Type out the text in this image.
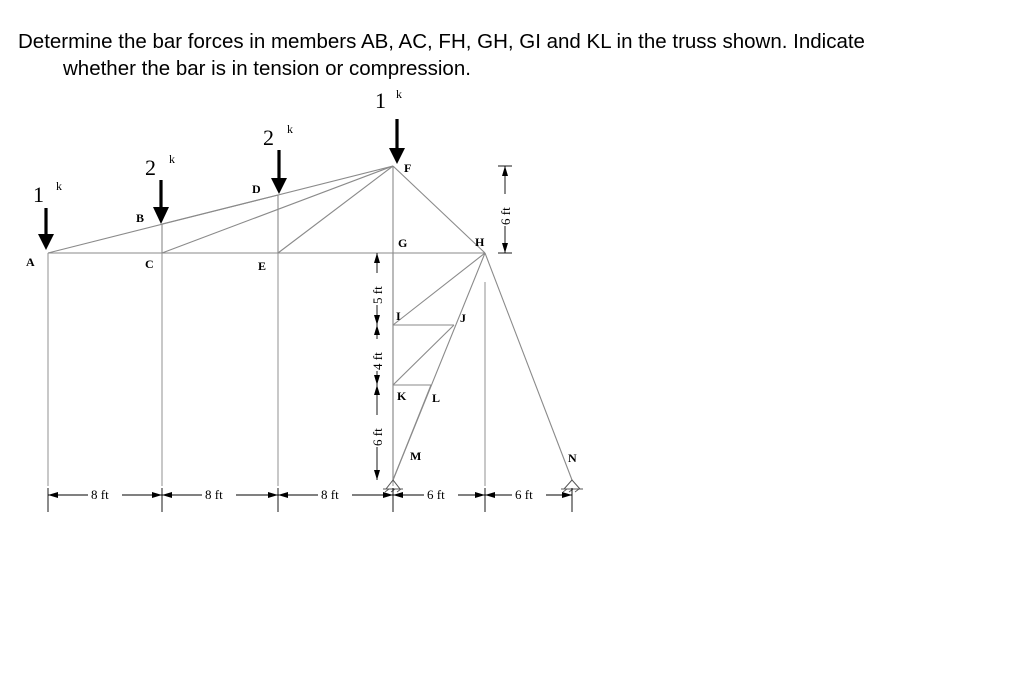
Determine the bar forces in members AB, AC, FH, GH, GI and KL in the truss shown. Indicate
whether the bar is in tension or compression.

1 k
2 k
2 k
1 k
A
B
C
D
E
F
G	H
I	J
K L
M	N
8 ft	8 ft	8 ft	6 ft	6 ft
6 ft
5 ft
4 ft
6 ft
